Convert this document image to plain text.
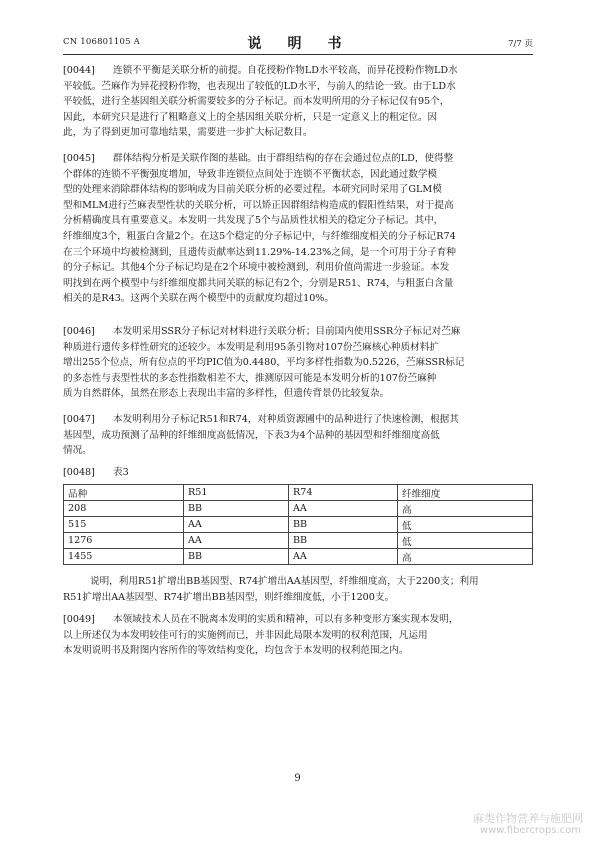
CN 106801105 A	说　明　书	7/7 页
[0044] 连锁不平衡是关联分析的前提。自花授粉作物LD水平较高，而异花授粉作物LD水
平较低。苎麻作为异花授粉作物，也表现出了较低的LD水平，与前人的结论一致。由于LD水
平较低，进行全基因组关联分析需要较多的分子标记。而本发明所用的分子标记仅有95个，
因此，本研究只是进行了粗略意义上的全基因组关联分析，只是一定意义上的粗定位。因
此，为了得到更加可靠地结果，需要进一步扩大标记数目。
[0045] 群体结构分析是关联作图的基础。由于群组结构的存在会通过位点的LD，使得整
个群体的连锁不平衡强度增加，导致非连锁位点间处于连锁不平衡状态，因此通过数学模
型的处理来消除群体结构的影响成为目前关联分析的必要过程。本研究同时采用了GLM模
型和MLM进行苎麻表型性状的关联分析，可以矫正因群组结构造成的假阳性结果，对于提高
分析精确度具有重要意义。本发明一共发现了5个与品质性状相关的稳定分子标记。其中，
纤维细度3个，粗蛋白含量2个。在这5个稳定的分子标记中，与纤维细度相关的分子标记R74
在三个环境中均被检测到，且遗传贡献率达到11.29%-14.23%之间，是一个可用于分子育种
的分子标记。其他4个分子标记均是在2个环境中被检测到，利用价值尚需进一步验证。本发
明找到在两个模型中与纤维细度都共同关联的标记有2个，分别是R51、R74，与粗蛋白含量
相关的是R43。这两个关联在两个模型中的贡献度均超过10%。
[0046] 本发明采用SSR分子标记对材料进行关联分析；目前国内使用SSR分子标记对苎麻
种质进行遗传多样性研究的还较少。本发明是利用95条引物对107份苎麻核心种质材料扩
增出255个位点，所有位点的平均PIC值为0.4480，平均多样性指数为0.5226，苎麻SSR标记
的多态性与表型性状的多态性指数相差不大，推测原因可能是本发明分析的107份苎麻种
质为自然群体，虽然在形态上表现出丰富的多样性，但遗传背景仍比较复杂。
[0047] 本发明利用分子标记R51和R74，对种质资源圃中的品种进行了快速检测，根据其
基因型，成功预测了品种的纤维细度高低情况，下表3为4个品种的基因型和纤维细度高低
情况。
[0048] 表3
品种	R51	R74	纤维细度
208	BB	AA	高
515	AA	BB	低
1276	AA	BB	低
1455	BB	AA	高
说明，利用R51扩增出BB基因型、R74扩增出AA基因型，纤维细度高，大于2200支；利用
R51扩增出AA基因型、R74扩增出BB基因型，则纤维细度低，小于1200支。
[0049] 本领域技术人员在不脱离本发明的实质和精神，可以有多种变形方案实现本发明，
以上所述仅为本发明较佳可行的实施例而已，并非因此局限本发明的权利范围，凡运用
本发明说明书及附图内容所作的等效结构变化，均包含于本发明的权利范围之内。
9
麻类作物营养与施肥网
www.fibercrops.com
